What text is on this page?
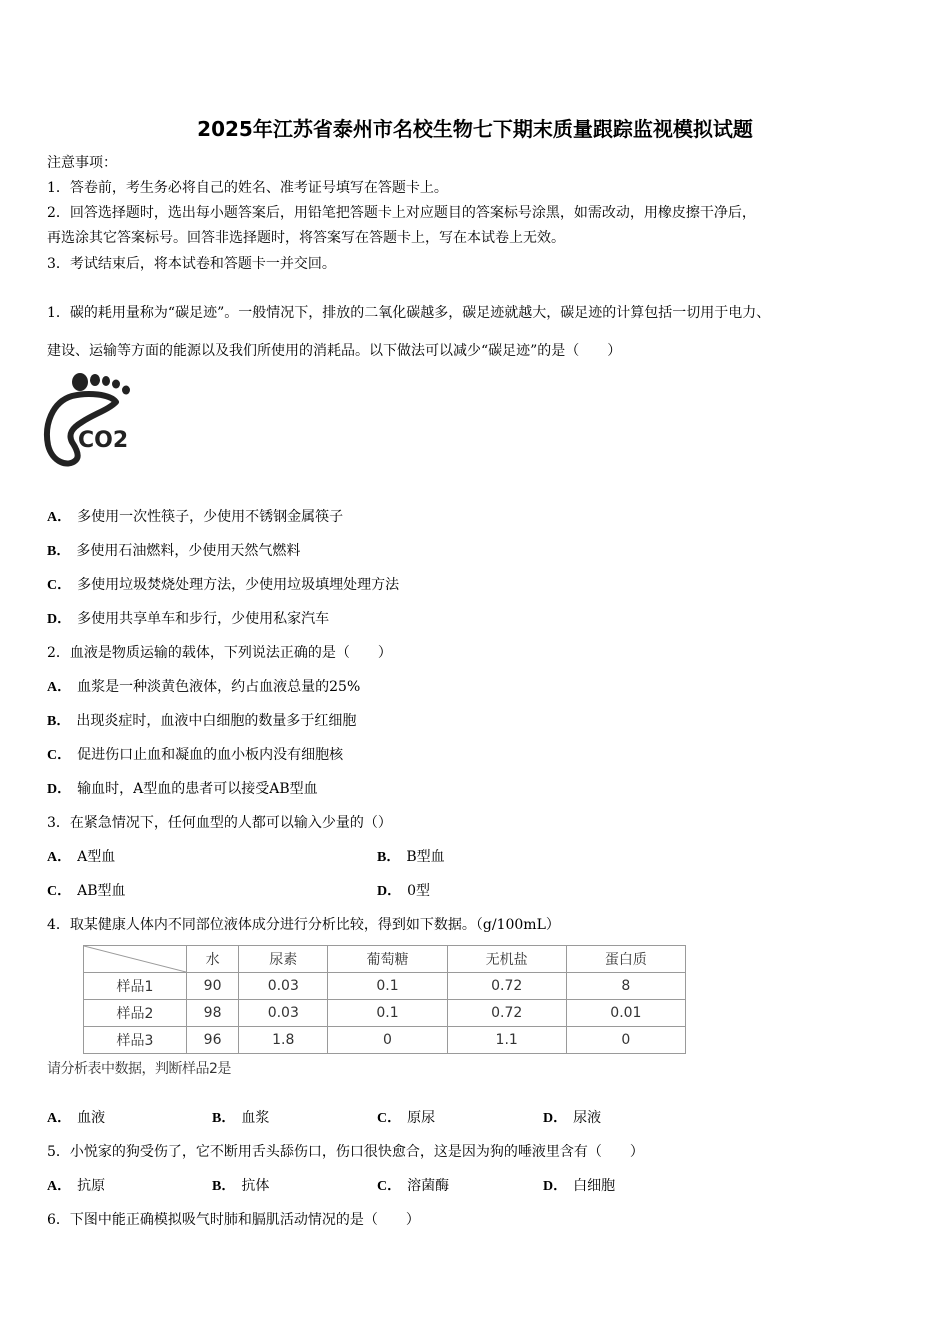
2025年江苏省泰州市名校生物七下期末质量跟踪监视模拟试题
注意事项：
1．答卷前，考生务必将自己的姓名、准考证号填写在答题卡上。
2．回答选择题时，选出每小题答案后，用铅笔把答题卡上对应题目的答案标号涂黑，如需改动，用橡皮擦干净后，
再选涂其它答案标号。回答非选择题时，将答案写在答题卡上，写在本试卷上无效。
3．考试结束后，将本试卷和答题卡一并交回。
1．碳的耗用量称为“碳足迹”。一般情况下，排放的二氧化碳越多，碳足迹就越大，碳足迹的计算包括一切用于电力、
建设、运输等方面的能源以及我们所使用的消耗品。以下做法可以减少“碳足迹”的是（　　）
CO2
A． 多使用一次性筷子，少使用不锈钢金属筷子
B． 多使用石油燃料，少使用天然气燃料
C． 多使用垃圾焚烧处理方法，少使用垃圾填埋处理方法
D． 多使用共享单车和步行，少使用私家汽车
2．血液是物质运输的载体，下列说法正确的是（　　）
A． 血浆是一种淡黄色液体，约占血液总量的25%
B． 出现炎症时，血液中白细胞的数量多于红细胞
C． 促进伤口止血和凝血的血小板内没有细胞核
D． 输血时，A型血的患者可以接受AB型血
3．在紧急情况下，任何血型的人都可以输入少量的（）
A． A型血	B． B型血
C． AB型血	D． 0型
4．取某健康人体内不同部位液体成分进行分析比较，得到如下数据。（g/100mL）
	水	尿素	葡萄糖	无机盐	蛋白质
样品1	90	0.03	0.1	0.72	8
样品2	98	0.03	0.1	0.72	0.01
样品3	96	1.8	0	1.1	0
请分析表中数据，判断样品2是
A． 血液	B． 血浆	C． 原尿	D． 尿液
5．小悦家的狗受伤了，它不断用舌头舔伤口，伤口很快愈合，这是因为狗的唾液里含有（　　）
A． 抗原	B． 抗体	C． 溶菌酶	D． 白细胞
6．下图中能正确模拟吸气时肺和膈肌活动情况的是（　　）
